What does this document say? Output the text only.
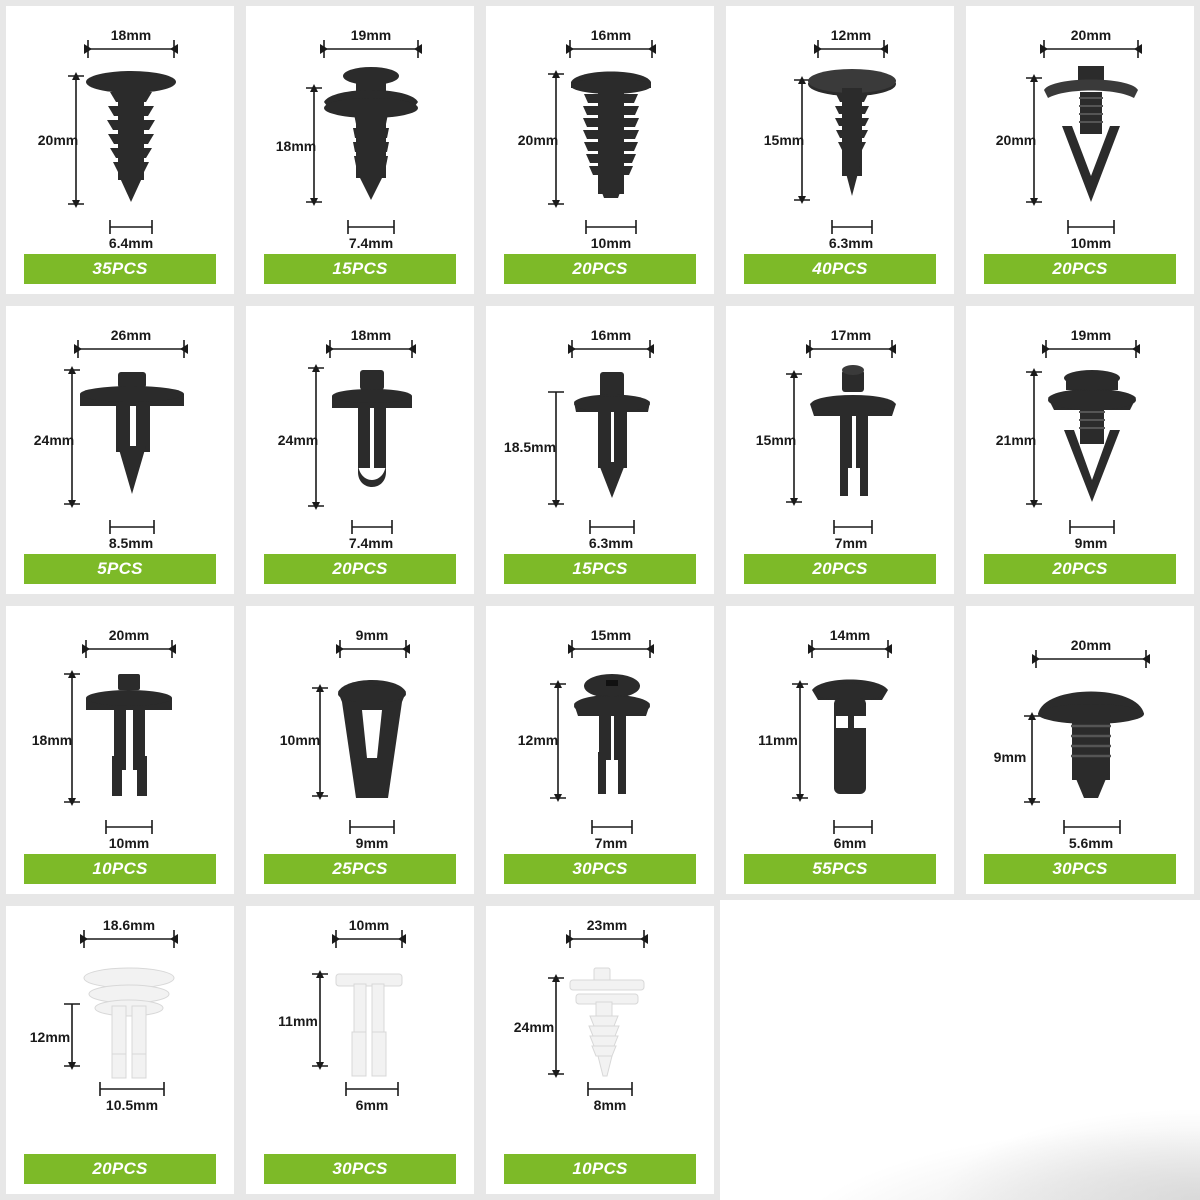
18mm
20mm
6.4mm
35PCS
19mm
18mm
7.4mm
15PCS
16mm
20mm
10mm
20PCS
12mm
15mm
6.3mm
40PCS
20mm
20mm
10mm
20PCS
26mm
24mm
8.5mm
5PCS
18mm
24mm
7.4mm
20PCS
16mm
18.5mm
6.3mm
15PCS
17mm
15mm
7mm
20PCS
19mm
21mm
9mm
20PCS
20mm
18mm
10mm
10PCS
9mm
10mm
9mm
25PCS
15mm
12mm
7mm
30PCS
14mm
11mm
6mm
55PCS
20mm
9mm
5.6mm
30PCS
18.6mm
12mm
10.5mm
20PCS
10mm
11mm
6mm
30PCS
23mm
24mm
8mm
10PCS
